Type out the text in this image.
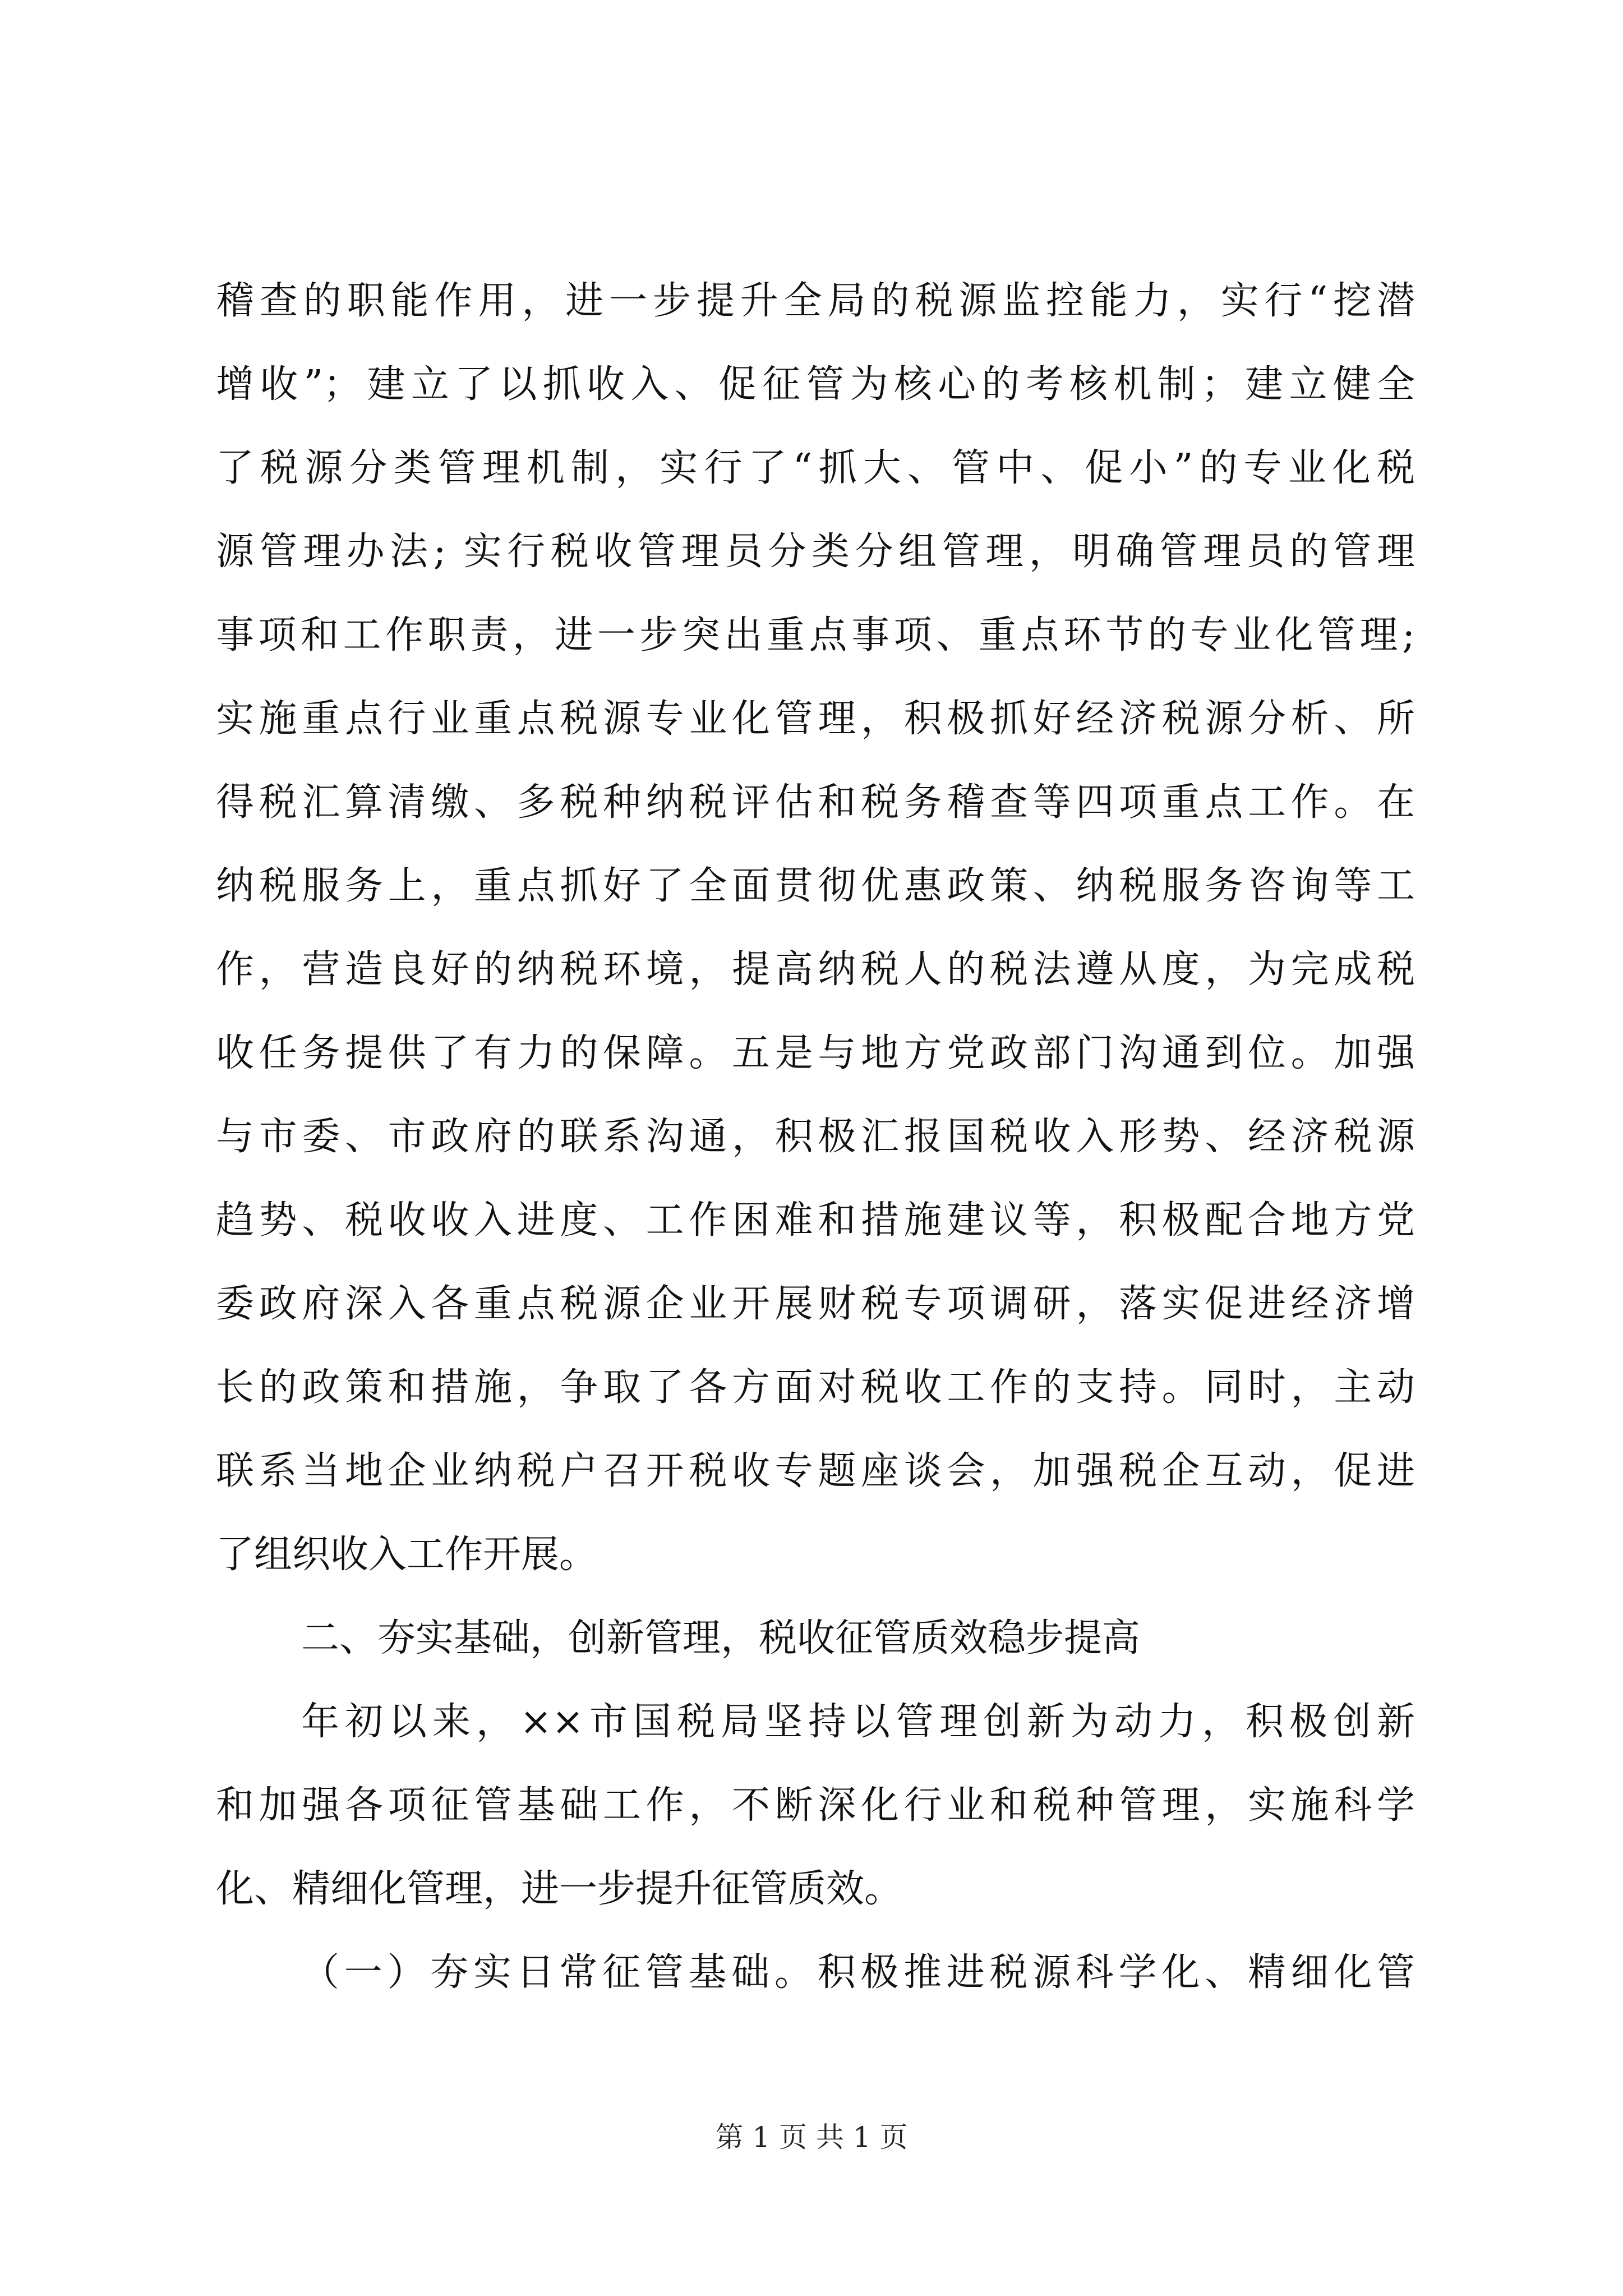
稽查的职能作用，进一步提升全局的税源监控能力，实行“挖潜
增收”；建立了以抓收入、促征管为核心的考核机制；建立健全
了税源分类管理机制，实行了“抓大、管中、促小”的专业化税
源管理办法; 实行税收管理员分类分组管理，明确管理员的管理
事项和工作职责，进一步突出重点事项、重点环节的专业化管理;
实施重点行业重点税源专业化管理，积极抓好经济税源分析、所
得税汇算清缴、多税种纳税评估和税务稽查等四项重点工作。在
纳税服务上，重点抓好了全面贯彻优惠政策、纳税服务咨询等工
作，营造良好的纳税环境，提高纳税人的税法遵从度，为完成税
收任务提供了有力的保障。五是与地方党政部门沟通到位。加强
与市委、市政府的联系沟通，积极汇报国税收入形势、经济税源
趋势、税收收入进度、工作困难和措施建议等，积极配合地方党
委政府深入各重点税源企业开展财税专项调研，落实促进经济增
长的政策和措施，争取了各方面对税收工作的支持。同时，主动
联系当地企业纳税户召开税收专题座谈会，加强税企互动，促进
了组织收入工作开展。
二、夯实基础，创新管理，税收征管质效稳步提高
年初以来，××市国税局坚持以管理创新为动力，积极创新
和加强各项征管基础工作，不断深化行业和税种管理，实施科学
化、精细化管理，进一步提升征管质效。
（一）夯实日常征管基础。积极推进税源科学化、精细化管
第 1 页 共 1 页
